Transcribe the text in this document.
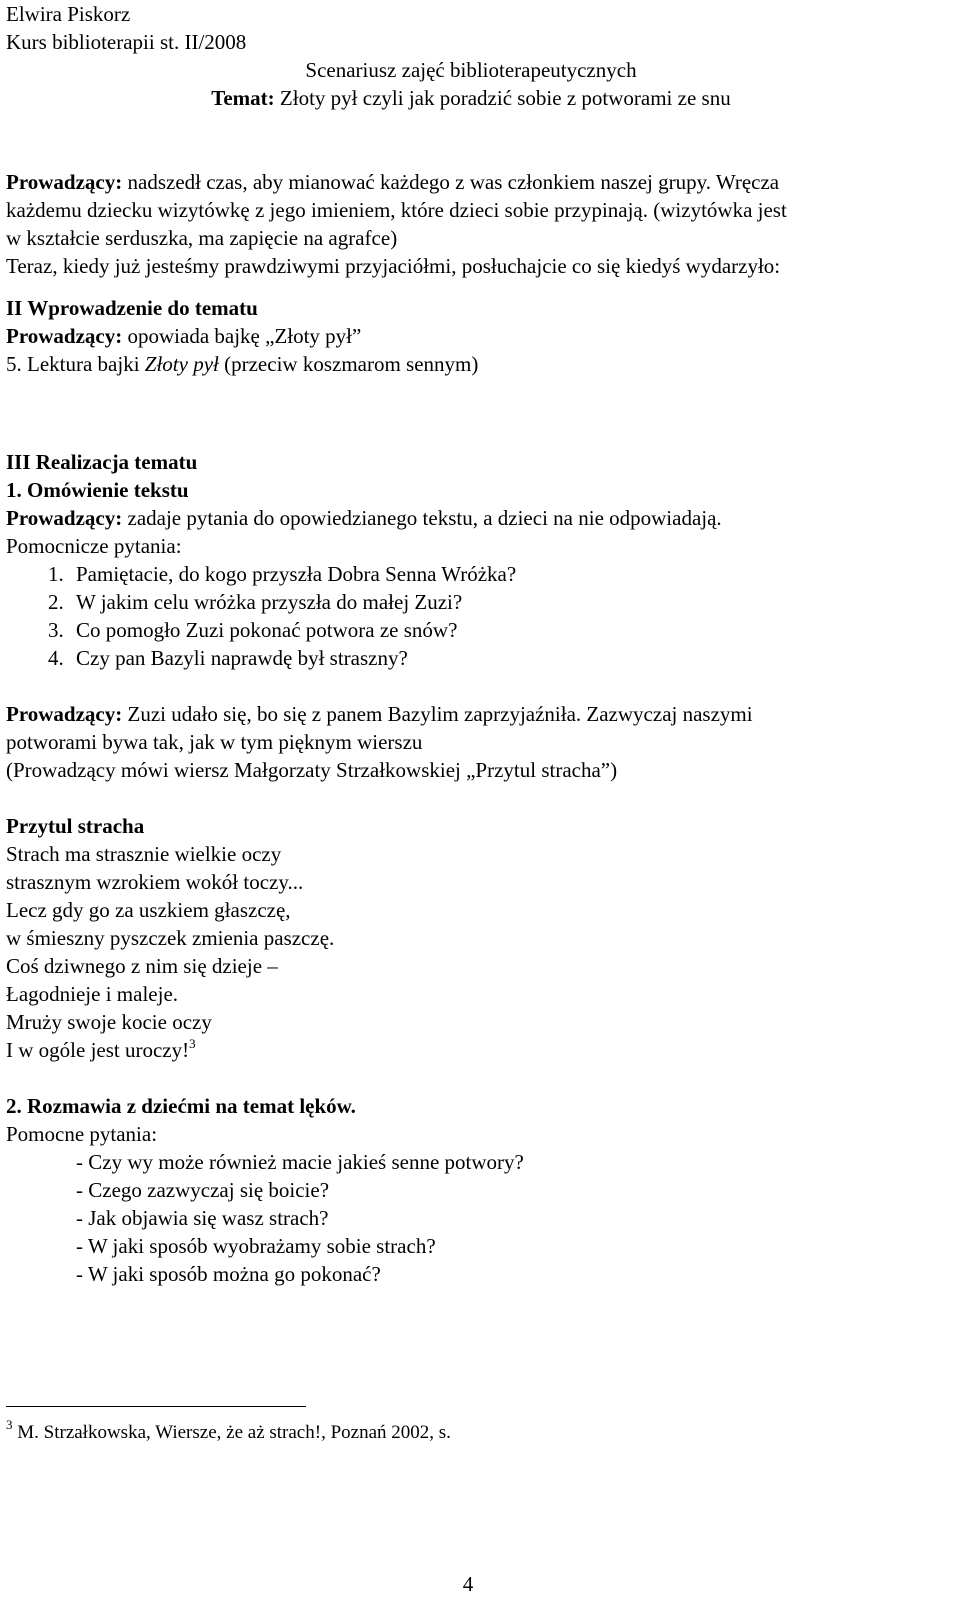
Elwira Piskorz
Kurs biblioterapii st. II/2008
Scenariusz zajęć biblioterapeutycznych
Temat: Złoty pył czyli jak poradzić sobie z potworami ze snu
Prowadzący: nadszedł czas, aby mianować każdego z was członkiem naszej grupy. Wręcza
każdemu dziecku wizytówkę z jego imieniem, które dzieci sobie przypinają. (wizytówka jest
w kształcie serduszka, ma zapięcie na agrafce)
Teraz, kiedy już jesteśmy prawdziwymi przyjaciółmi, posłuchajcie co się kiedyś wydarzyło:
II Wprowadzenie do tematu
Prowadzący: opowiada bajkę „Złoty pył”
5. Lektura bajki Złoty pył (przeciw koszmarom sennym)
III Realizacja tematu
1. Omówienie tekstu
Prowadzący: zadaje pytania do opowiedzianego tekstu, a dzieci na nie odpowiadają.
Pomocnicze pytania:
1. Pamiętacie, do kogo przyszła Dobra Senna Wróżka?
2. W jakim celu wróżka przyszła do małej Zuzi?
3. Co pomogło Zuzi pokonać potwora ze snów?
4. Czy pan Bazyli naprawdę był straszny?
Prowadzący: Zuzi udało się, bo się z panem Bazylim zaprzyjaźniła. Zazwyczaj naszymi
potworami bywa tak, jak w tym pięknym wierszu
(Prowadzący mówi wiersz Małgorzaty Strzałkowskiej „Przytul stracha”)
Przytul stracha
Strach ma strasznie wielkie oczy
strasznym wzrokiem wokół toczy...
Lecz gdy go za uszkiem głaszczę,
w śmieszny pyszczek zmienia paszczę.
Coś dziwnego z nim się dzieje –
Łagodnieje i maleje.
Mruży swoje kocie oczy
I w ogóle jest uroczy!$^3$
2. Rozmawia z dziećmi na temat lęków.
Pomocne pytania:
- Czy wy może również macie jakieś senne potwory?
- Czego zazwyczaj się boicie?
- Jak objawia się wasz strach?
- W jaki sposób wyobrażamy sobie strach?
- W jaki sposób można go pokonać?
$^3$ M. Strzałkowska, Wiersze, że aż strach!, Poznań 2002, s.
4
